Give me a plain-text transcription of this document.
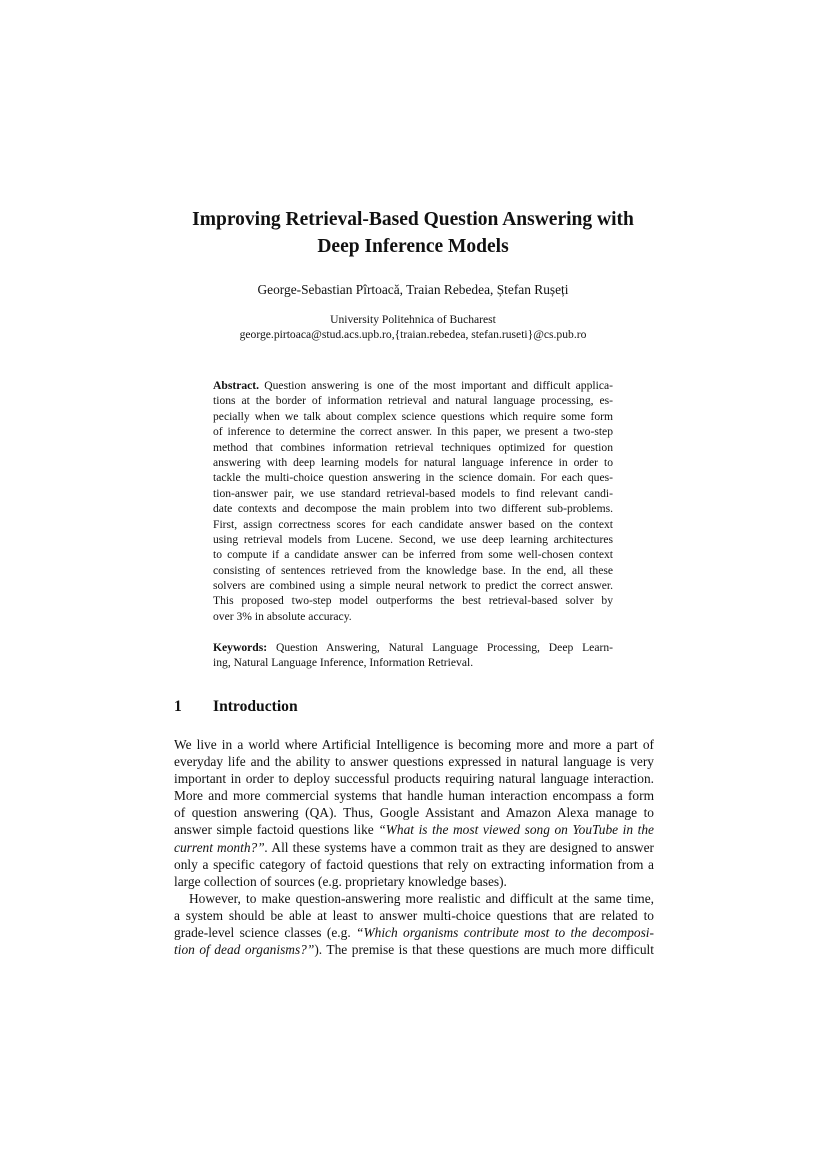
Improving Retrieval-Based Question Answering with
Deep Inference Models
George-Sebastian Pîrtoacă, Traian Rebedea, Ștefan Rușeți
University Politehnica of Bucharest
george.pirtoaca@stud.acs.upb.ro,{traian.rebedea, stefan.ruseti}@cs.pub.ro
Abstract. Question answering is one of the most important and difficult applica-
tions at the border of information retrieval and natural language processing, es-
pecially when we talk about complex science questions which require some form
of inference to determine the correct answer. In this paper, we present a two-step
method that combines information retrieval techniques optimized for question
answering with deep learning models for natural language inference in order to
tackle the multi-choice question answering in the science domain. For each ques-
tion-answer pair, we use standard retrieval-based models to find relevant candi-
date contexts and decompose the main problem into two different sub-problems.
First, assign correctness scores for each candidate answer based on the context
using retrieval models from Lucene. Second, we use deep learning architectures
to compute if a candidate answer can be inferred from some well-chosen context
consisting of sentences retrieved from the knowledge base. In the end, all these
solvers are combined using a simple neural network to predict the correct answer.
This proposed two-step model outperforms the best retrieval-based solver by
over 3% in absolute accuracy.
Keywords: Question Answering, Natural Language Processing, Deep Learn-
ing, Natural Language Inference, Information Retrieval.
1 Introduction
We live in a world where Artificial Intelligence is becoming more and more a part of
everyday life and the ability to answer questions expressed in natural language is very
important in order to deploy successful products requiring natural language interaction.
More and more commercial systems that handle human interaction encompass a form
of question answering (QA). Thus, Google Assistant and Amazon Alexa manage to
answer simple factoid questions like “What is the most viewed song on YouTube in the
current month?”. All these systems have a common trait as they are designed to answer
only a specific category of factoid questions that rely on extracting information from a
large collection of sources (e.g. proprietary knowledge bases).
However, to make question-answering more realistic and difficult at the same time,
a system should be able at least to answer multi-choice questions that are related to
grade-level science classes (e.g. “Which organisms contribute most to the decomposi-
tion of dead organisms?”). The premise is that these questions are much more difficult
